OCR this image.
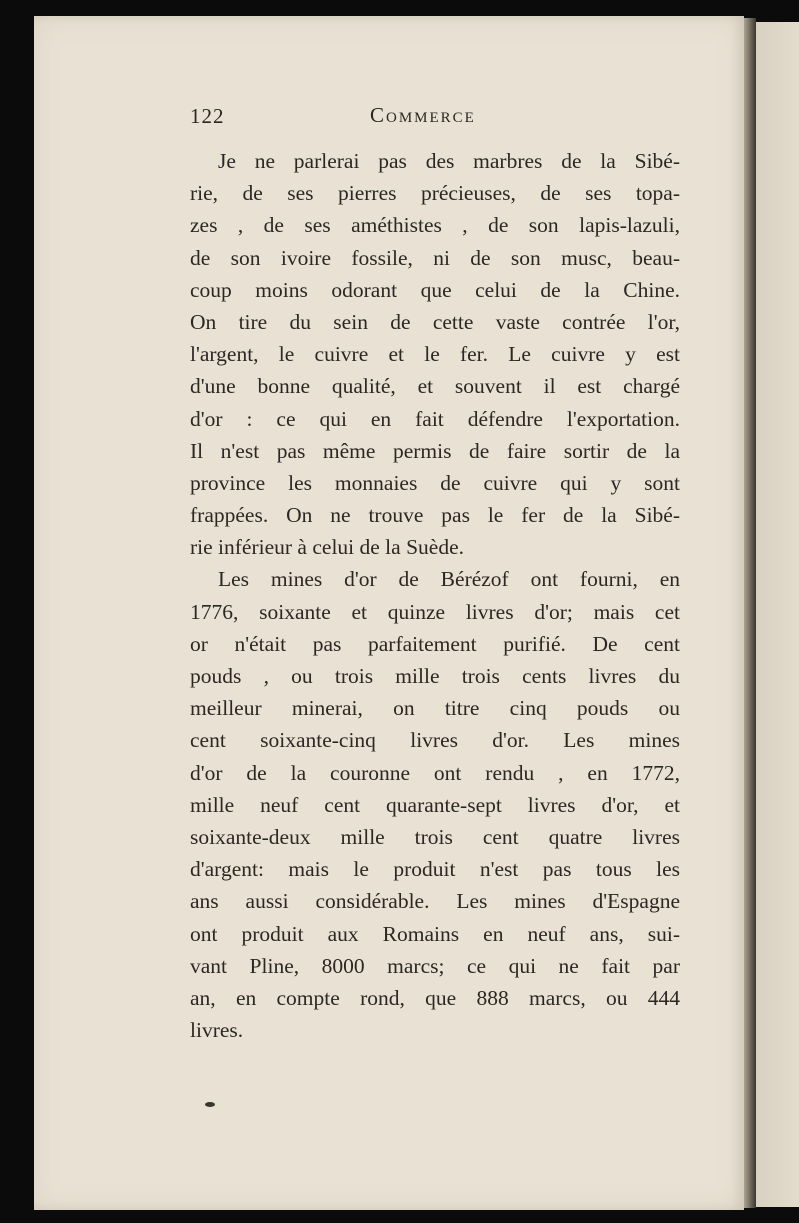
122	Commerce
Je ne parlerai pas des marbres de la Sibé-
rie, de ses pierres précieuses, de ses topa-
zes , de ses améthistes , de son lapis-lazuli,
de son ivoire fossile, ni de son musc, beau-
coup moins odorant que celui de la Chine.
On tire du sein de cette vaste contrée l'or,
l'argent, le cuivre et le fer. Le cuivre y est
d'une bonne qualité, et souvent il est chargé
d'or : ce qui en fait défendre l'exportation.
Il n'est pas même permis de faire sortir de la
province les monnaies de cuivre qui y sont
frappées. On ne trouve pas le fer de la Sibé-
rie inférieur à celui de la Suède.
Les mines d'or de Bérézof ont fourni, en
1776, soixante et quinze livres d'or; mais cet
or n'était pas parfaitement purifié. De cent
pouds , ou trois mille trois cents livres du
meilleur minerai, on titre cinq pouds ou
cent soixante-cinq livres d'or. Les mines
d'or de la couronne ont rendu , en 1772,
mille neuf cent quarante-sept livres d'or, et
soixante-deux mille trois cent quatre livres
d'argent: mais le produit n'est pas tous les
ans aussi considérable. Les mines d'Espagne
ont produit aux Romains en neuf ans, sui-
vant Pline, 8000 marcs; ce qui ne fait par
an, en compte rond, que 888 marcs, ou 444
livres.
